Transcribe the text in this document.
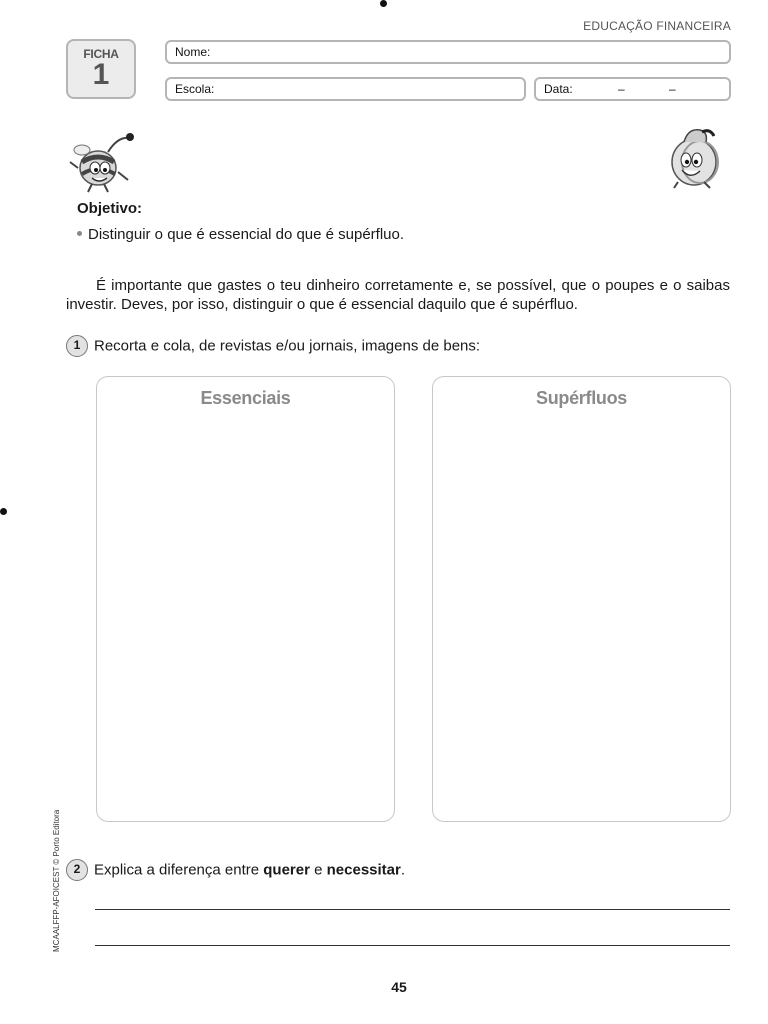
EDUCAÇÃO FINANCEIRA
FICHA
1
Nome:
Escola:	Data:	–	–
Objetivo:
Distinguir o que é essencial do que é supérfluo.
É importante que gastes o teu dinheiro corretamente e, se possível, que o poupes e o saibas investir. Deves, por isso, distinguir o que é essencial daquilo que é supérfluo.
1 Recorta e cola, de revistas e/ou jornais, imagens de bens:
Essenciais	Supérfluos
2 Explica a diferença entre querer e necessitar.
MCAALFFP-AFOICEST © Porto Editora
45
